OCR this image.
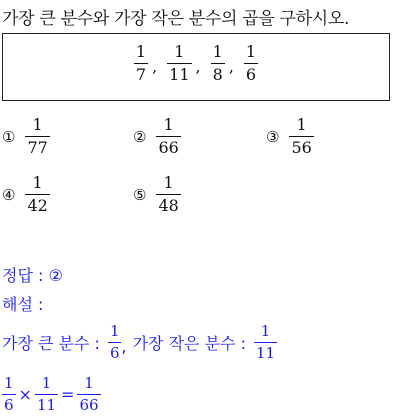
가장 큰 분수와 가장 작은 분수의 곱을 구하시오.
$\frac{1}{7}$ , $\frac{1}{11}$ , $\frac{1}{8}$ , $\frac{1}{6}$
① $\frac{1}{77}$	② $\frac{1}{66}$	③ $\frac{1}{56}$
④ $\frac{1}{42}$	⑤ $\frac{1}{48}$
정답 : ②
해설 :
가장 큰 분수 : $\frac{1}{6}$ , 가장 작은 분수 : $\frac{1}{11}$
$\frac{1}{6} \times \frac{1}{11} = \frac{1}{66}$
